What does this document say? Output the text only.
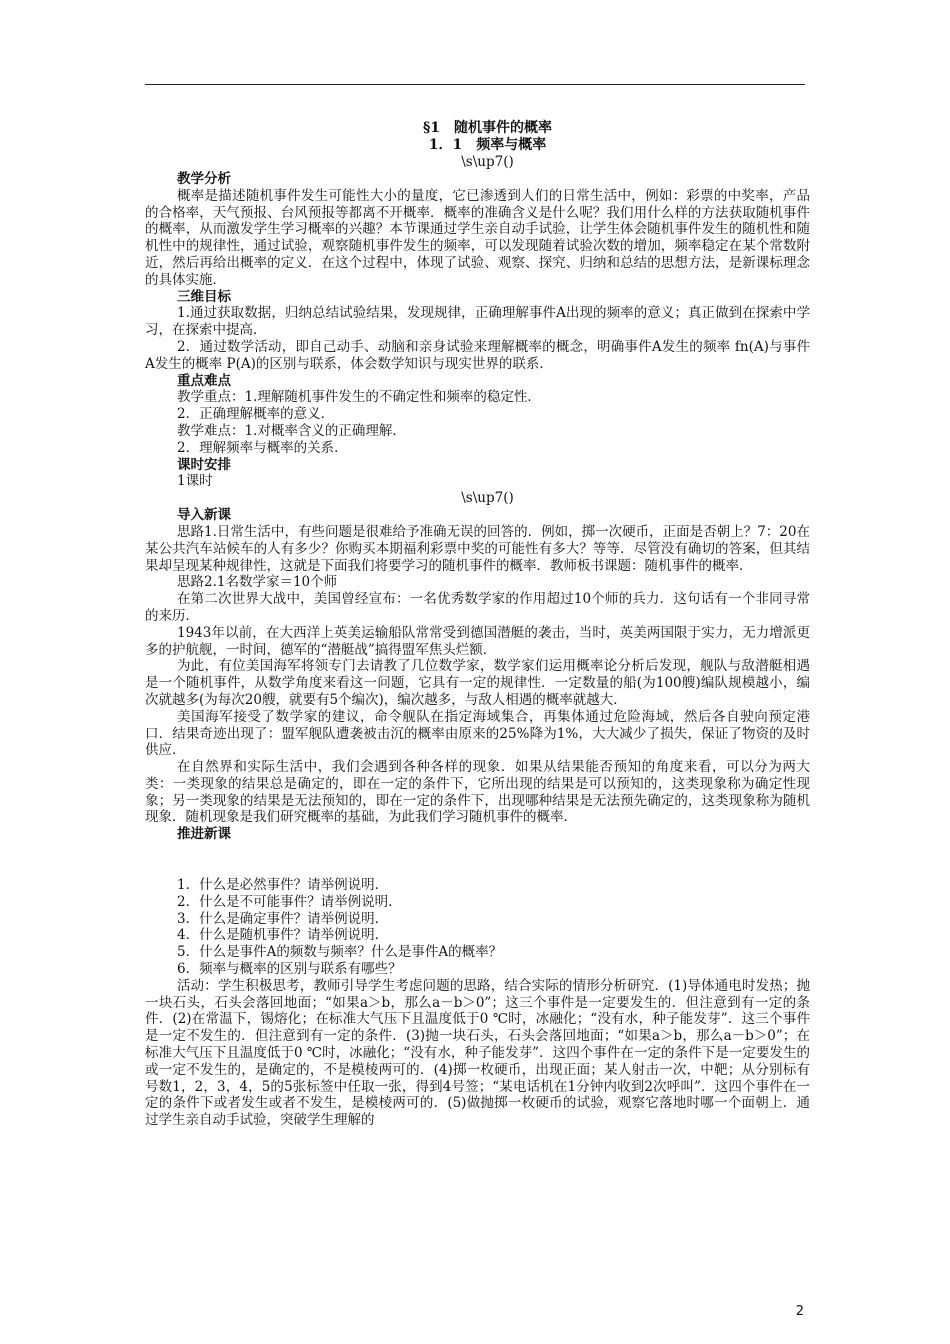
§1　随机事件的概率
1．1　频率与概率
\s\up7()
教学分析

概率是描述随机事件发生可能性大小的量度，它已渗透到人们的日常生活中，例如：彩票的中奖率，产品的合格率，天气预报、台风预报等都离不开概率．概率的准确含义是什么呢？我们用什么样的方法获取随机事件的概率，从而激发学生学习概率的兴趣？本节课通过学生亲自动手试验，让学生体会随机事件发生的随机性和随机性中的规律性，通过试验，观察随机事件发生的频率，可以发现随着试验次数的增加，频率稳定在某个常数附近，然后再给出概率的定义．在这个过程中，体现了试验、观察、探究、归纳和总结的思想方法，是新课标理念的具体实施．

三维目标

1.通过获取数据，归纳总结试验结果，发现规律，正确理解事件A出现的频率的意义；真正做到在探索中学习，在探索中提高．

2．通过数学活动，即自己动手、动脑和亲身试验来理解概率的概念，明确事件A发生的频率 fn(A)与事件A发生的概率 P(A)的区别与联系，体会数学知识与现实世界的联系．

重点难点

教学重点：1.理解随机事件发生的不确定性和频率的稳定性．

2．正确理解概率的意义．

教学难点：1.对概率含义的正确理解．

2．理解频率与概率的关系．

课时安排

1课时

\s\up7()
导入新课

思路1.日常生活中，有些问题是很难给予准确无误的回答的．例如，掷一次硬币，正面是否朝上？7：20在某公共汽车站候车的人有多少？你购买本期福利彩票中奖的可能性有多大？等等．尽管没有确切的答案，但其结果却呈现某种规律性，这就是下面我们将要学习的随机事件的概率．教师板书课题：随机事件的概率．

思路2.1名数学家＝10个师

在第二次世界大战中，美国曾经宣布：一名优秀数学家的作用超过10个师的兵力．这句话有一个非同寻常的来历．

1943年以前，在大西洋上英美运输船队常常受到德国潜艇的袭击，当时，英美两国限于实力，无力增派更多的护航舰，一时间，德军的“潜艇战”搞得盟军焦头烂额．

为此，有位美国海军将领专门去请教了几位数学家，数学家们运用概率论分析后发现，舰队与敌潜艇相遇是一个随机事件，从数学角度来看这一问题，它具有一定的规律性．一定数量的船(为100艘)编队规模越小，编次就越多(为每次20艘，就要有5个编次)，编次越多，与敌人相遇的概率就越大．

美国海军接受了数学家的建议，命令舰队在指定海域集合，再集体通过危险海域，然后各自驶向预定港口．结果奇迹出现了：盟军舰队遭袭被击沉的概率由原来的25%降为1%，大大减少了损失，保证了物资的及时供应．

在自然界和实际生活中，我们会遇到各种各样的现象．如果从结果能否预知的角度来看，可以分为两大类：一类现象的结果总是确定的，即在一定的条件下，它所出现的结果是可以预知的，这类现象称为确定性现象；另一类现象的结果是无法预知的，即在一定的条件下，出现哪种结果是无法预先确定的，这类现象称为随机现象．随机现象是我们研究概率的基础，为此我们学习随机事件的概率．

推进新课

1．什么是必然事件？请举例说明．

2．什么是不可能事件？请举例说明．

3．什么是确定事件？请举例说明．

4．什么是随机事件？请举例说明．

5．什么是事件A的频数与频率？什么是事件A的概率？

6．频率与概率的区别与联系有哪些？

活动：学生积极思考，教师引导学生考虑问题的思路，结合实际的情形分析研究．(1)导体通电时发热；抛一块石头，石头会落回地面；“如果a＞b，那么a－b＞0”；这三个事件是一定要发生的．但注意到有一定的条件．(2)在常温下，锡熔化；在标准大气压下且温度低于0 ℃时，冰融化；“没有水，种子能发芽”．这三个事件是一定不发生的．但注意到有一定的条件．(3)抛一块石头，石头会落回地面；“如果a＞b，那么a－b＞0”；在标准大气压下且温度低于0 ℃时，冰融化；“没有水，种子能发芽”．这四个事件在一定的条件下是一定要发生的或一定不发生的，是确定的，不是模棱两可的．(4)掷一枚硬币，出现正面；某人射击一次，中靶；从分别标有号数1，2，3，4，5的5张标签中任取一张，得到4号签；“某电话机在1分钟内收到2次呼叫”．这四个事件在一定的条件下或者发生或者不发生，是模棱两可的．(5)做抛掷一枚硬币的试验，观察它落地时哪一个面朝上．通过学生亲自动手试验，突破学生理解的

2
